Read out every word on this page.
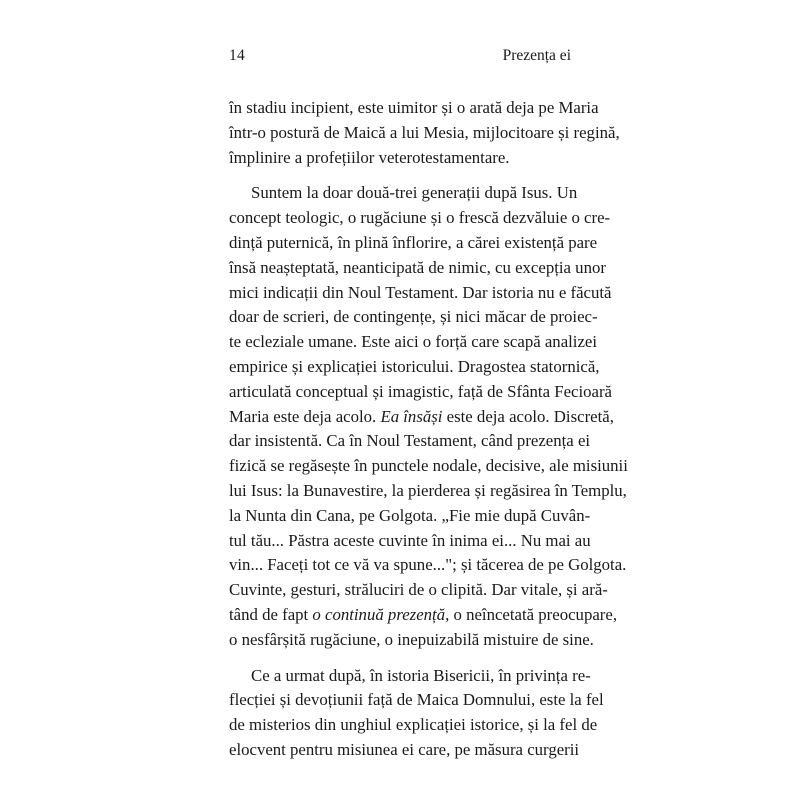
14	Prezența ei
în stadiu incipient, este uimitor și o arată deja pe Maria
într-o postură de Maică a lui Mesia, mijlocitoare și regină,
împlinire a profețiilor veterotestamentare.
Suntem la doar două-trei generații după Isus. Un
concept teologic, o rugăciune și o frescă dezvăluie o cre-
dință puternică, în plină înflorire, a cărei existență pare
însă neașteptată, neanticipată de nimic, cu excepția unor
mici indicații din Noul Testament. Dar istoria nu e făcută
doar de scrieri, de contingențe, și nici măcar de proiec-
te ecleziale umane. Este aici o forță care scapă analizei
empirice și explicației istoricului. Dragostea statornică,
articulată conceptual și imagistic, față de Sfânta Fecioară
Maria este deja acolo. Ea însăși este deja acolo. Discretă,
dar insistentă. Ca în Noul Testament, când prezența ei
fizică se regăsește în punctele nodale, decisive, ale misiunii
lui Isus: la Bunavestire, la pierderea și regăsirea în Templu,
la Nunta din Cana, pe Golgota. „Fie mie după Cuvân-
tul tău... Păstra aceste cuvinte în inima ei... Nu mai au
vin... Faceți tot ce vă va spune..."; și tăcerea de pe Golgota.
Cuvinte, gesturi, străluciri de o clipită. Dar vitale, și ară-
tând de fapt o continuă prezență, o neîncetată preocupare,
o nesfârșită rugăciune, o inepuizabilă mistuire de sine.
Ce a urmat după, în istoria Bisericii, în privința re-
flecției și devoțiunii față de Maica Domnului, este la fel
de misterios din unghiul explicației istorice, și la fel de
elocvent pentru misiunea ei care, pe măsura curgerii
